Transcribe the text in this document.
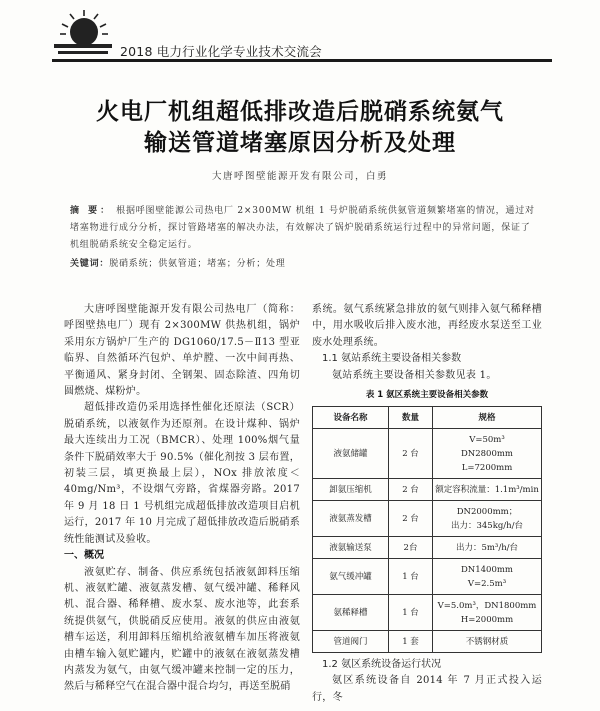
2018 电力行业化学专业技术交流会
火电厂机组超低排改造后脱硝系统氨气
输送管道堵塞原因分析及处理
大唐呼图壁能源开发有限公司，白勇
摘 要： 根据呼图壁能源公司热电厂 2×300MW 机组 1 号炉脱硝系统供氨管道频繁堵塞的情况，通过对堵塞物进行成分分析，探讨管路堵塞的解决办法，有效解决了锅炉脱硝系统运行过程中的异常问题，保证了机组脱硝系统安全稳定运行。
关键词：脱硝系统；供氨管道；堵塞；分析；处理

大唐呼图壁能源开发有限公司热电厂（简称：呼图壁热电厂）现有 2×300MW 供热机组，锅炉采用东方锅炉厂生产的 DG1060/17.5－Ⅱ13 型亚临界、自然循环汽包炉、单炉膛、一次中间再热、平衡通风、紧身封闭、全钢架、固态除渣、四角切圆燃烧、煤粉炉。

超低排改造仍采用选择性催化还原法（SCR）脱硝系统，以液氨作为还原剂。在设计煤种、锅炉最大连续出力工况（BMCR）、处理 100%烟气量条件下脱硝效率大于 90.5%（催化剂按 3 层布置，初装三层，填更换最上层），NOx 排放浓度＜40mg/Nm³，不设烟气旁路，省煤器旁路。2017 年 9 月 18 日 1 号机组完成超低排放改造项目启机运行，2017 年 10 月完成了超低排放改造后脱硝系统性能测试及验收。

一、概况

液氨贮存、制备、供应系统包括液氨卸料压缩机、液氨贮罐、液氨蒸发槽、氨气缓冲罐、稀释风机、混合器、稀释槽、废水泵、废水池等，此套系统提供氨气，供脱硝反应使用。液氨的供应由液氨槽车运送，利用卸料压缩机给液氨槽车加压将液氨由槽车输入氨贮罐内，贮罐中的液氨在液氨蒸发槽内蒸发为氨气，由氨气缓冲罐来控制一定的压力，然后与稀释空气在混合器中混合均匀，再送至脱硝

系统。氨气系统紧急排放的氨气则排入氨气稀释槽中，用水吸收后排入废水池，再经废水泵送至工业废水处理系统。

1.1 氨站系统主要设备相关参数

氨站系统主要设备相关参数见表 1。

表 1 氨区系统主要设备相关参数
设备名称	数量	规格
液氨储罐	2 台	V=50m³
DN2800mm
L=7200mm

卸氨压缩机	2 台	额定容积流量：1.1m³/min

液氨蒸发槽	2 台	DN2000mm；
出力：345kg/h/台

液氨输送泵	2台	出力：5m³/h/台

氨气缓冲罐	1 台	DN1400mm
V=2.5m³

氨稀释槽	1 台	V=5.0m³，DN1800mm
H=2000mm

管道阀门	1 套	不锈钢材质
1.2 氨区系统设备运行状况

氨区系统设备自 2014 年 7 月正式投入运行，冬
